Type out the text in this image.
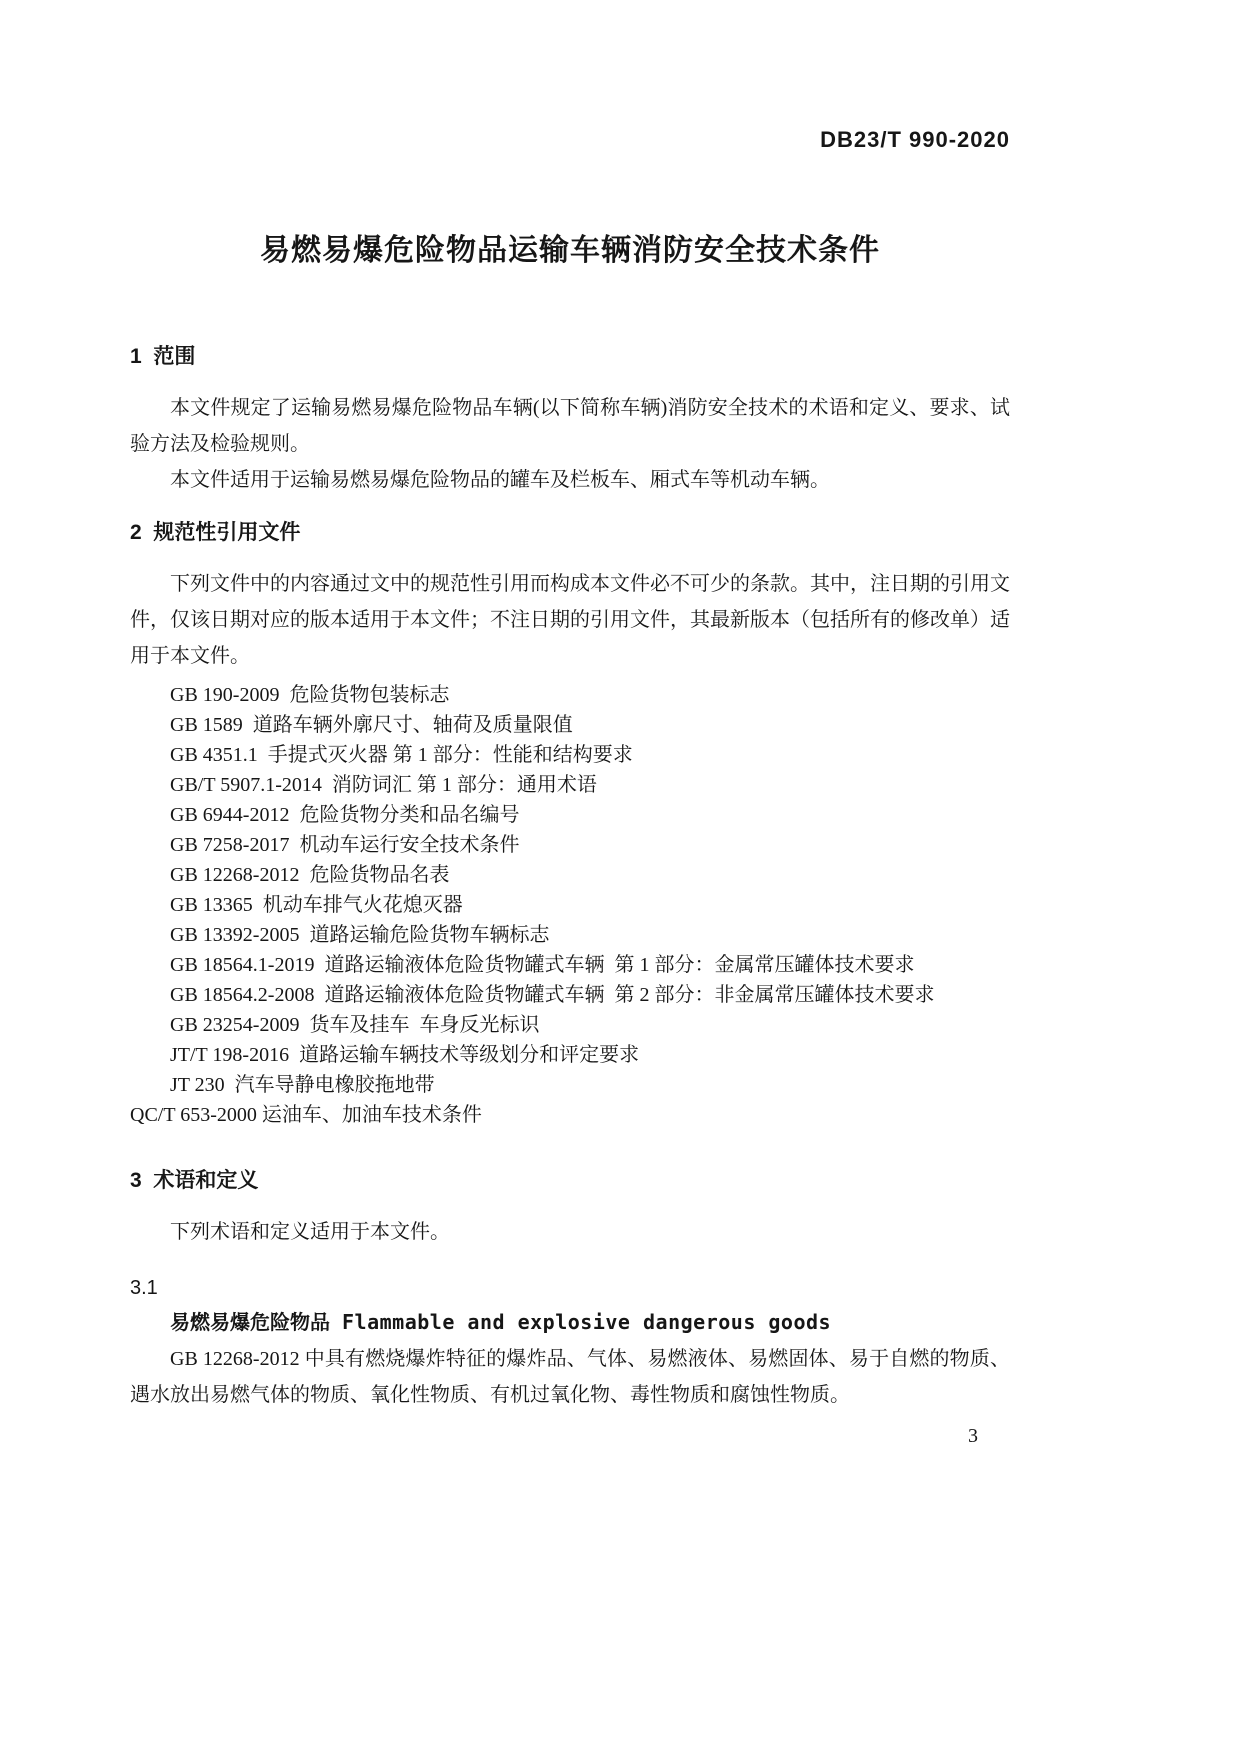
DB23/T 990-2020
易燃易爆危险物品运输车辆消防安全技术条件
1  范围

本文件规定了运输易燃易爆危险物品车辆(以下简称车辆)消防安全技术的术语和定义、要求、试验方法及检验规则。

本文件适用于运输易燃易爆危险物品的罐车及栏板车、厢式车等机动车辆。

2  规范性引用文件

下列文件中的内容通过文中的规范性引用而构成本文件必不可少的条款。其中，注日期的引用文件，仅该日期对应的版本适用于本文件；不注日期的引用文件，其最新版本（包括所有的修改单）适用于本文件。

GB 190-2009  危险货物包装标志

GB 1589  道路车辆外廓尺寸、轴荷及质量限值

GB 4351.1  手提式灭火器 第 1 部分：性能和结构要求

GB/T 5907.1-2014  消防词汇 第 1 部分：通用术语

GB 6944-2012  危险货物分类和品名编号

GB 7258-2017  机动车运行安全技术条件

GB 12268-2012  危险货物品名表

GB 13365  机动车排气火花熄灭器

GB 13392-2005  道路运输危险货物车辆标志

GB 18564.1-2019  道路运输液体危险货物罐式车辆  第 1 部分：金属常压罐体技术要求

GB 18564.2-2008  道路运输液体危险货物罐式车辆  第 2 部分：非金属常压罐体技术要求

GB 23254-2009  货车及挂车  车身反光标识

JT/T 198-2016  道路运输车辆技术等级划分和评定要求

JT 230  汽车导静电橡胶拖地带

QC/T 653-2000 运油车、加油车技术条件

3  术语和定义

下列术语和定义适用于本文件。

3.1

易燃易爆危险物品 Flammable and explosive dangerous goods

GB 12268-2012 中具有燃烧爆炸特征的爆炸品、气体、易燃液体、易燃固体、易于自燃的物质、遇水放出易燃气体的物质、氧化性物质、有机过氧化物、毒性物质和腐蚀性物质。

3
